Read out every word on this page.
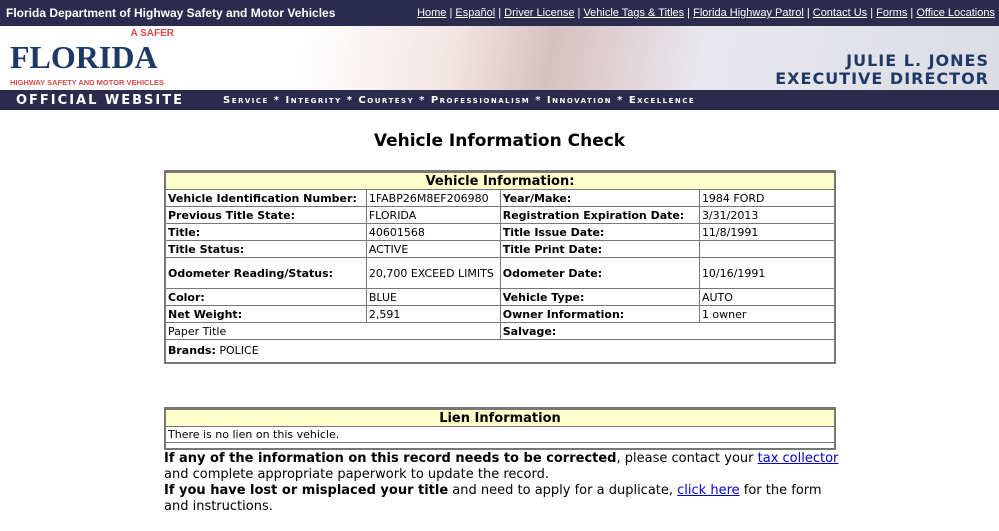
Florida Department of Highway Safety and Motor Vehicles	Home | Español | Driver License | Vehicle Tags & Titles | Florida Highway Patrol | Contact Us | Forms | Office Locations
A SAFER
FLORIDA
HIGHWAY SAFETY AND MOTOR VEHICLES
JULIE L. JONES
EXECUTIVE DIRECTOR
OFFICIAL WEBSITE	Service * Integrity * Courtesy * Professionalism * Innovation * Excellence
Vehicle Information Check
Vehicle Information:			
Vehicle Identification Number:	1FABP26M8EF206980	Year/Make:	1984 FORD
Previous Title State:	FLORIDA	Registration Expiration Date:	3/31/2013
Title:	40601568	Title Issue Date:	11/8/1991
Title Status:	ACTIVE	Title Print Date:	
Odometer Reading/Status:	20,700 EXCEED LIMITS	Odometer Date:	10/16/1991
Color:	BLUE	Vehicle Type:	AUTO
Net Weight:	2,591	Owner Information:	1 owner
Paper Title		Salvage:	
Brands: POLICE			
Lien Information
There is no lien on this vehicle.

If any of the information on this record needs to be corrected, please contact your tax collector and complete appropriate paperwork to update the record.
If you have lost or misplaced your title and need to apply for a duplicate, click here for the form and instructions.
